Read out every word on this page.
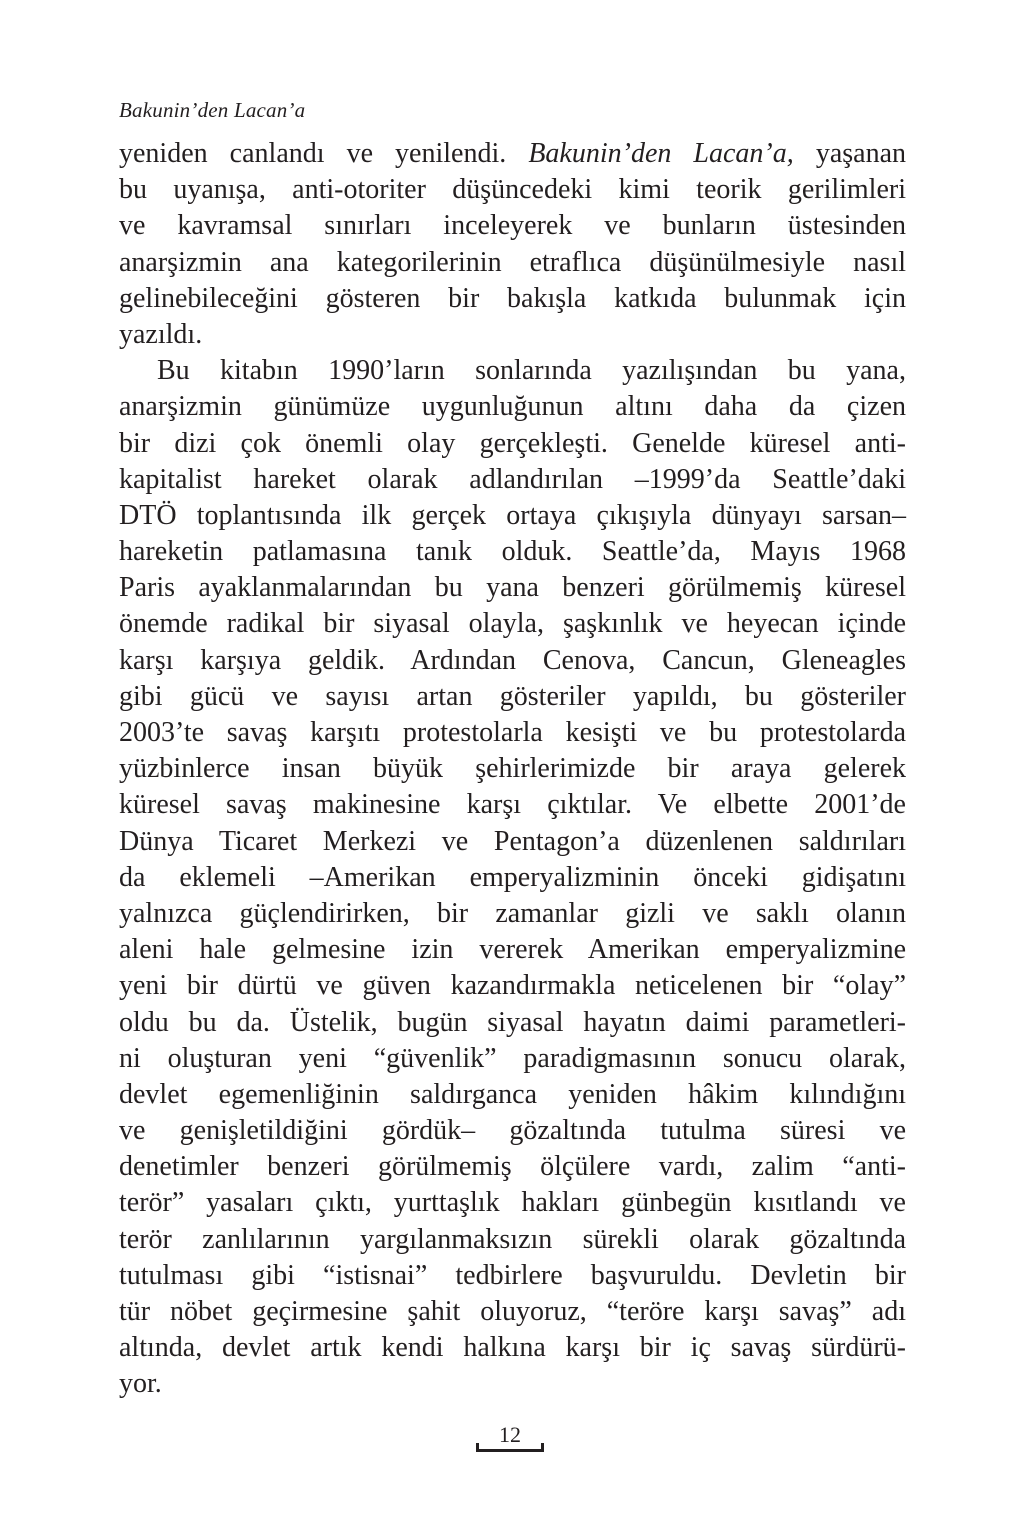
Bakunin’den Lacan’a
yeniden canlandı ve yenilendi. Bakunin’den Lacan’a, yaşanan
bu uyanışa, anti-otoriter düşüncedeki kimi teorik gerilimleri
ve kavramsal sınırları inceleyerek ve bunların üstesinden
anarşizmin ana kategorilerinin etraflıca düşünülmesiyle nasıl
gelinebileceğini gösteren bir bakışla katkıda bulunmak için
yazıldı.
Bu kitabın 1990’ların sonlarında yazılışından bu yana,
anarşizmin günümüze uygunluğunun altını daha da çizen
bir dizi çok önemli olay gerçekleşti. Genelde küresel anti-
kapitalist hareket olarak adlandırılan –1999’da Seattle’daki
DTÖ toplantısında ilk gerçek ortaya çıkışıyla dünyayı sarsan–
hareketin patlamasına tanık olduk. Seattle’da, Mayıs 1968
Paris ayaklanmalarından bu yana benzeri görülmemiş küresel
önemde radikal bir siyasal olayla, şaşkınlık ve heyecan içinde
karşı karşıya geldik. Ardından Cenova, Cancun, Gleneagles
gibi gücü ve sayısı artan gösteriler yapıldı, bu gösteriler
2003’te savaş karşıtı protestolarla kesişti ve bu protestolarda
yüzbinlerce insan büyük şehirlerimizde bir araya gelerek
küresel savaş makinesine karşı çıktılar. Ve elbette 2001’de
Dünya Ticaret Merkezi ve Pentagon’a düzenlenen saldırıları
da eklemeli –Amerikan emperyalizminin önceki gidişatını
yalnızca güçlendirirken, bir zamanlar gizli ve saklı olanın
aleni hale gelmesine izin vererek Amerikan emperyalizmine
yeni bir dürtü ve güven kazandırmakla neticelenen bir “olay”
oldu bu da. Üstelik, bugün siyasal hayatın daimi parametleri-
ni oluşturan yeni “güvenlik” paradigmasının sonucu olarak,
devlet egemenliğinin saldırganca yeniden hâkim kılındığını
ve genişletildiğini gördük– gözaltında tutulma süresi ve
denetimler benzeri görülmemiş ölçülere vardı, zalim “anti-
terör” yasaları çıktı, yurttaşlık hakları günbegün kısıtlandı ve
terör zanlılarının yargılanmaksızın sürekli olarak gözaltında
tutulması gibi “istisnai” tedbirlere başvuruldu. Devletin bir
tür nöbet geçirmesine şahit oluyoruz, “teröre karşı savaş” adı
altında, devlet artık kendi halkına karşı bir iç savaş sürdürü-
yor.
12
